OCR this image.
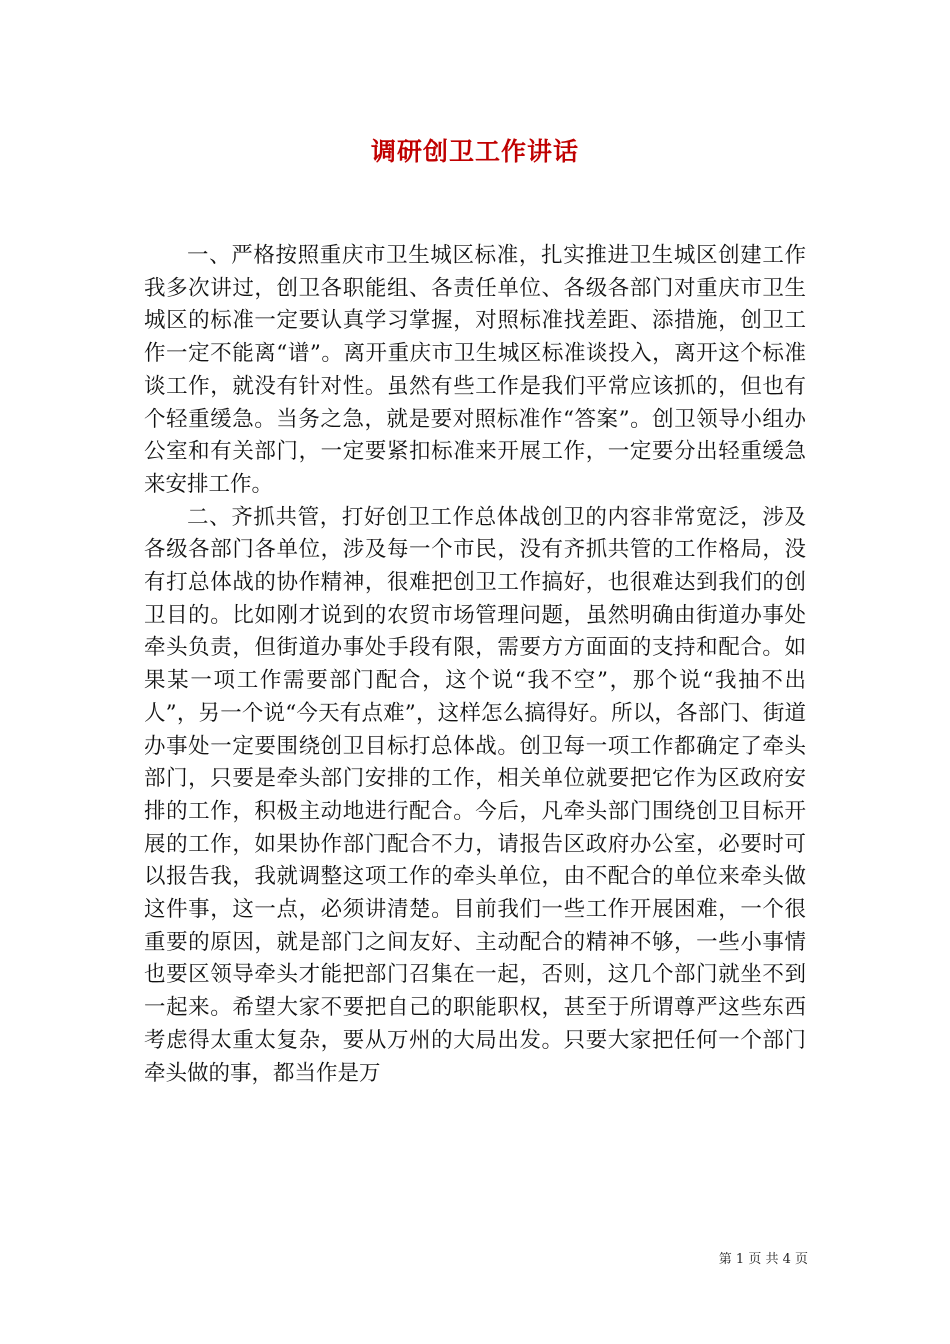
调研创卫工作讲话

一、严格按照重庆市卫生城区标准，扎实推进卫生城区创建工作我多次讲过，创卫各职能组、各责任单位、各级各部门对重庆市卫生城区的标准一定要认真学习掌握，对照标准找差距、添措施，创卫工作一定不能离“谱”。离开重庆市卫生城区标准谈投入，离开这个标准谈工作，就没有针对性。虽然有些工作是我们平常应该抓的，但也有个轻重缓急。当务之急，就是要对照标准作“答案”。创卫领导小组办公室和有关部门，一定要紧扣标准来开展工作，一定要分出轻重缓急来安排工作。

二、齐抓共管，打好创卫工作总体战创卫的内容非常宽泛，涉及各级各部门各单位，涉及每一个市民，没有齐抓共管的工作格局，没有打总体战的协作精神，很难把创卫工作搞好，也很难达到我们的创卫目的。比如刚才说到的农贸市场管理问题，虽然明确由街道办事处牵头负责，但街道办事处手段有限，需要方方面面的支持和配合。如果某一项工作需要部门配合，这个说“我不空”，那个说“我抽不出人”，另一个说“今天有点难”，这样怎么搞得好。所以，各部门、街道办事处一定要围绕创卫目标打总体战。创卫每一项工作都确定了牵头部门，只要是牵头部门安排的工作，相关单位就要把它作为区政府安排的工作，积极主动地进行配合。今后，凡牵头部门围绕创卫目标开展的工作，如果协作部门配合不力，请报告区政府办公室，必要时可以报告我，我就调整这项工作的牵头单位，由不配合的单位来牵头做这件事，这一点，必须讲清楚。目前我们一些工作开展困难，一个很重要的原因，就是部门之间友好、主动配合的精神不够，一些小事情也要区领导牵头才能把部门召集在一起，否则，这几个部门就坐不到一起来。希望大家不要把自己的职能职权，甚至于所谓尊严这些东西考虑得太重太复杂，要从万州的大局出发。只要大家把任何一个部门牵头做的事，都当作是万

第 1 页 共 4 页
